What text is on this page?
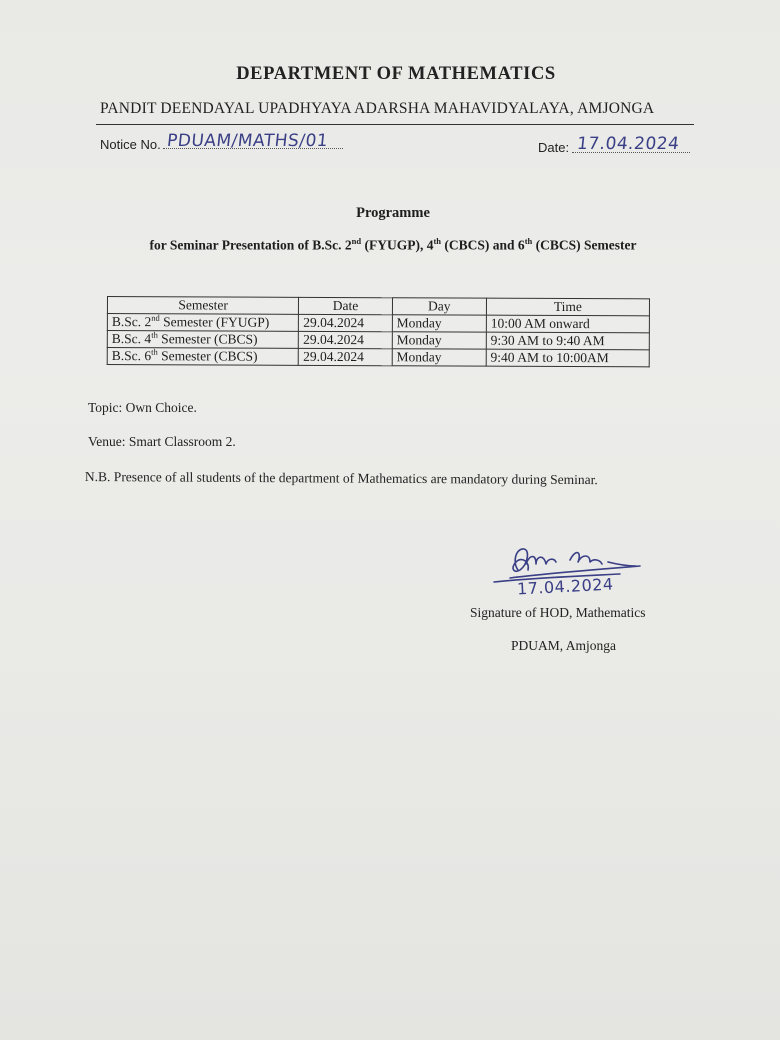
DEPARTMENT OF MATHEMATICS
PANDIT DEENDAYAL UPADHYAYA ADARSHA MAHAVIDYALAYA, AMJONGA
Notice No. PDUAM/MATHS/01	Date: 17.04.2024
Programme
for Seminar Presentation of B.Sc. 2nd (FYUGP), 4th (CBCS) and 6th (CBCS) Semester
Semester	Date	Day	Time
B.Sc. 2nd Semester (FYUGP)	29.04.2024	Monday	10:00 AM onward
B.Sc. 4th Semester (CBCS)	29.04.2024	Monday	9:30 AM to 9:40 AM
B.Sc. 6th Semester (CBCS)	29.04.2024	Monday	9:40 AM to 10:00AM

Topic: Own Choice.

Venue: Smart Classroom 2.

N.B. Presence of all students of the department of Mathematics are mandatory during Seminar.

17.04.2024

Signature of HOD, Mathematics

PDUAM, Amjonga
